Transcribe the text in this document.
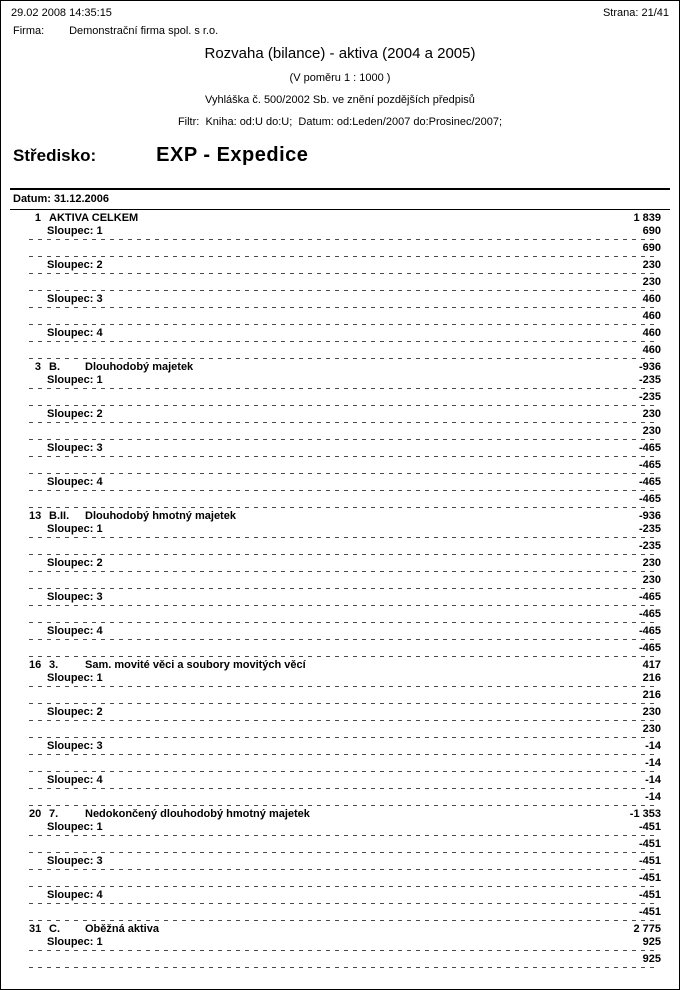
29.02 2008 14:35:15	Strana: 21/41
Firma: Demonstrační firma spol. s r.o.
Rozvaha (bilance) - aktiva (2004 a 2005)
(V poměru 1 : 1000 )
Vyhláška č. 500/2002 Sb. ve znění pozdějších předpisů
Filtr:  Kniha: od:U do:U;  Datum: od:Leden/2007 do:Prosinec/2007;
Středisko:	EXP - Expedice
Datum: 31.12.2006
1 AKTIVA CELKEM	1 839
Sloupec: 1	690
690
Sloupec: 2	230
230
Sloupec: 3	460
460
Sloupec: 4	460
460
3 B.	Dlouhodobý majetek	-936
Sloupec: 1	-235
-235
Sloupec: 2	230
230
Sloupec: 3	-465
-465
Sloupec: 4	-465
-465
13 B.II.	Dlouhodobý hmotný majetek	-936
Sloupec: 1	-235
-235
Sloupec: 2	230
230
Sloupec: 3	-465
-465
Sloupec: 4	-465
-465
16 3.	Sam. movité věci a soubory movitých věcí	417
Sloupec: 1	216
216
Sloupec: 2	230
230
Sloupec: 3	-14
-14
Sloupec: 4	-14
-14
20 7.	Nedokončený dlouhodobý hmotný majetek	-1 353
Sloupec: 1	-451
-451
Sloupec: 3	-451
-451
Sloupec: 4	-451
-451
31 C.	Oběžná aktiva	2 775
Sloupec: 1	925
925
